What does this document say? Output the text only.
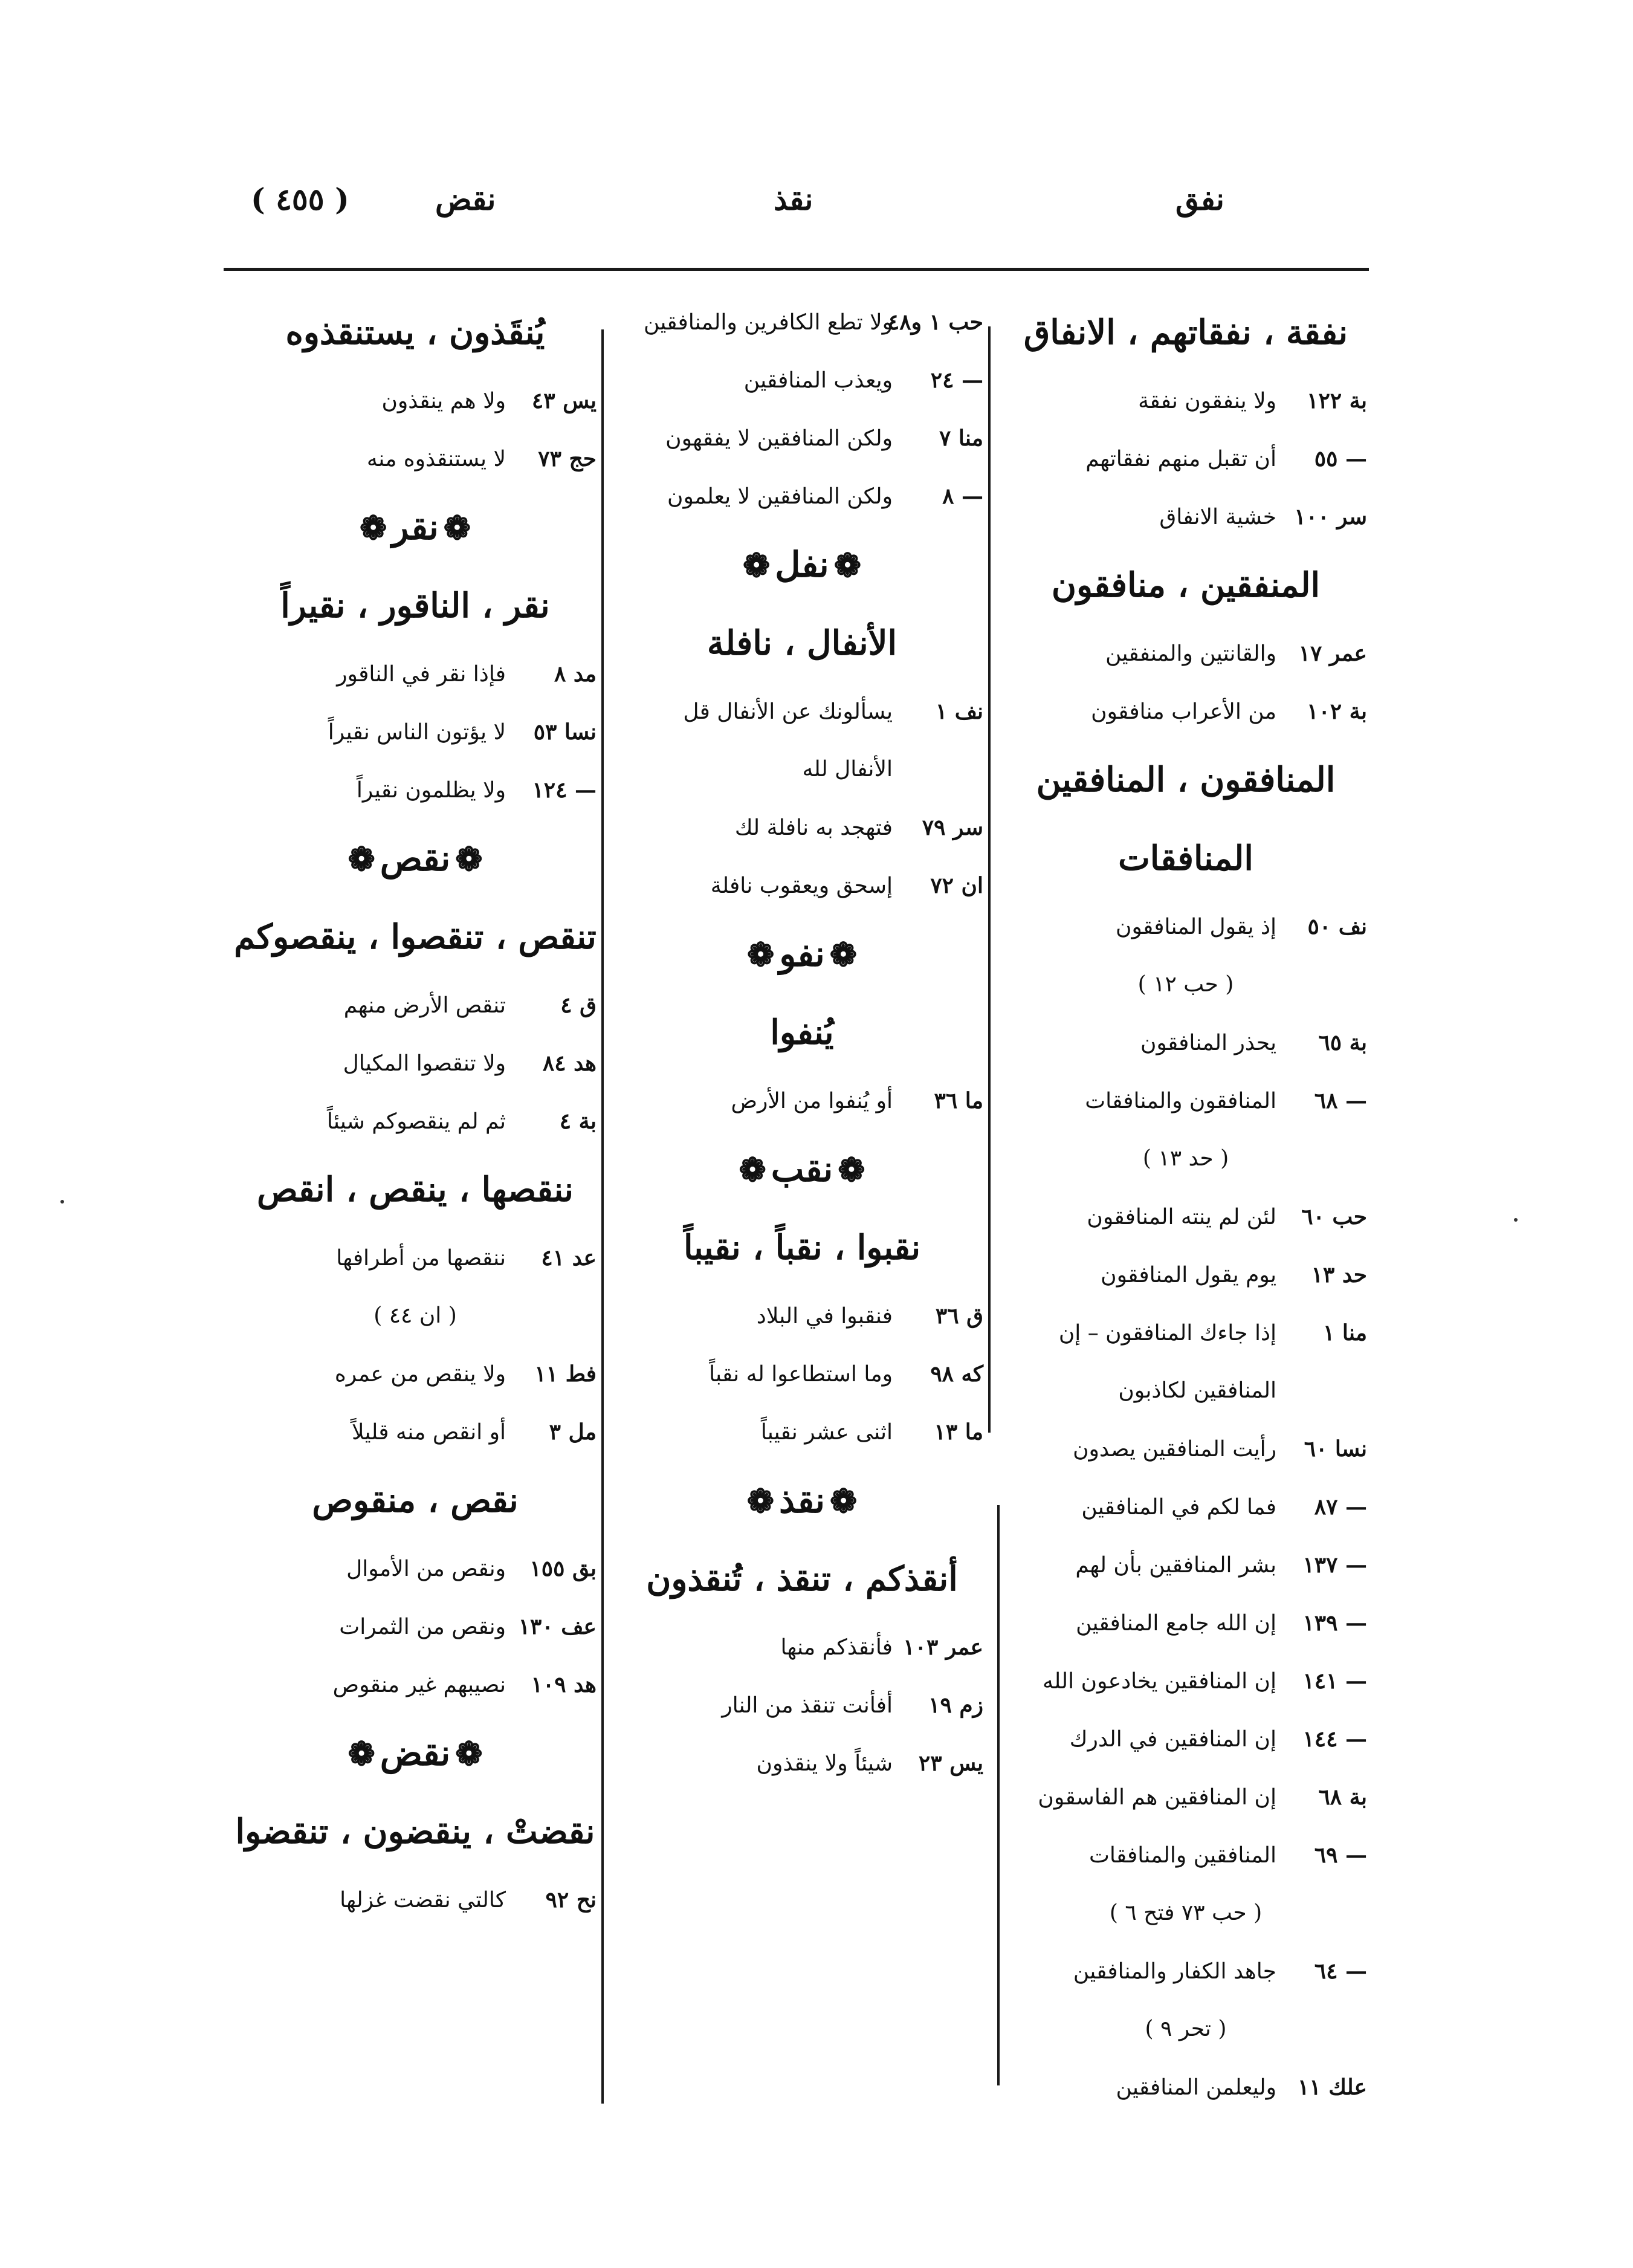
نفق
نقذ
نقض
( ٤٥٥ )
نفقة ، نفقاتهم ، الانفاق
بة ١٢٢ولا ينفقون نفقة
— ٥٥أن تقبل منهم نفقاتهم
سر ١٠٠خشية الانفاق
المنفقين ، منافقون
عمر ١٧والقانتين والمنفقين
بة ١٠٢من الأعراب منافقون
المنافقون ، المنافقين
المنافقات
نف ٥٠إذ يقول المنافقون
( حب ١٢ )
بة ٦٥يحذر المنافقون
— ٦٨المنافقون والمنافقات
( حد ١٣ )
حب ٦٠لئن لم ينته المنافقون
حد ١٣يوم يقول المنافقون
منا ١إذا جاءك المنافقون – إن
المنافقين لكاذبون
نسا ٦٠رأيت المنافقين يصدون
— ٨٧فما لكم في المنافقين
— ١٣٧بشر المنافقين بأن لهم
— ١٣٩إن الله جامع المنافقين
— ١٤١إن المنافقين يخادعون الله
— ١٤٤إن المنافقين في الدرك
بة ٦٨إن المنافقين هم الفاسقون
— ٦٩المنافقين والمنافقات
( حب ٧٣ فتح ٦ )
— ٦٤جاهد الكفار والمنافقين
( تحر ٩ )
علك ١١وليعلمن المنافقين
حب ١ و٤٨ولا تطع الكافرين والمنافقين
— ٢٤ويعذب المنافقين
منا ٧ولكن المنافقين لا يفقهون
— ٨ولكن المنافقين لا يعلمون
❁نفل❁
الأنفال ، نافلة
نف ١يسألونك عن الأنفال قل
الأنفال لله
سر ٧٩فتهجد به نافلة لك
ان ٧٢إسحق ويعقوب نافلة
❁نفو❁
يُنفوا
ما ٣٦أو يُنفوا من الأرض
❁نقب❁
نقبوا ، نقباً ، نقيباً
ق ٣٦فنقبوا في البلاد
كه ٩٨وما استطاعوا له نقباً
ما ١٣اثنى عشر نقيباً
❁نقذ❁
أنقذكم ، تنقذ ، تُنقذون
عمر ١٠٣فأنقذكم منها
زم ١٩أفأنت تنقذ من النار
يس ٢٣شيئاً ولا ينقذون
يُنقَذون ، يستنقذوه
يس ٤٣ولا هم ينقذون
حج ٧٣لا يستنقذوه منه
❁نقر❁
نقر ، الناقور ، نقيراً
مد ٨فإذا نقر في الناقور
نسا ٥٣لا يؤتون الناس نقيراً
— ١٢٤ولا يظلمون نقيراً
❁نقص❁
تنقص ، تنقصوا ، ينقصوكم
ق ٤تنقص الأرض منهم
هد ٨٤ولا تنقصوا المكيال
بة ٤ثم لم ينقصوكم شيئاً
ننقصها ، ينقص ، انقص
عد ٤١ننقصها من أطرافها
( ان ٤٤ )
فط ١١ولا ينقص من عمره
مل ٣أو انقص منه قليلاً
نقص ، منقوص
بق ١٥٥ونقص من الأموال
عف ١٣٠ونقص من الثمرات
هد ١٠٩نصيبهم غير منقوص
❁نقض❁
نقضتْ ، ينقضون ، تنقضوا
نح ٩٢كالتي نقضت غزلها
